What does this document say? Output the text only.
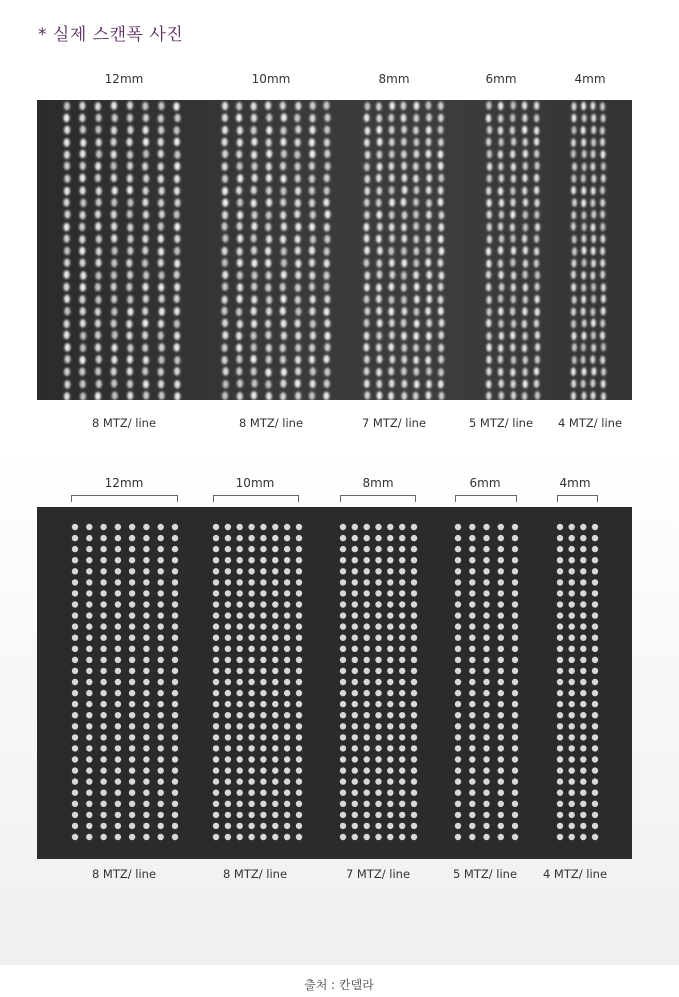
* 실제 스캔폭 사진
12mm	10mm	8mm	6mm	4mm
8 MTZ/ line	8 MTZ/ line	7 MTZ/ line	5 MTZ/ line 4 MTZ/ line
12mm	10mm	8mm	6mm	4mm
8 MTZ/ line	8 MTZ/ line	7 MTZ/ line	5 MTZ/ line 4 MTZ/ line
출처 : 칸델라
